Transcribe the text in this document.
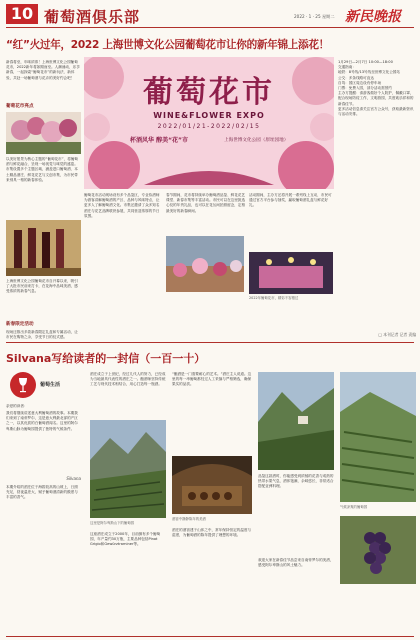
10 葡萄酒俱乐部	2022 · 1 · 25 星期二 新民晚报
“红”火过年，2022 上海世博文化公园葡萄花市让你的新年锦上添花！
新春将至，年味浓浓！上海世博文化公园葡萄花市，2022新年将如期而至。人潮涌动，乐享新春，一起探索“葡萄花市”的新玩法、新体验，共赴一场葡萄酒与花卉的美好约会吧！
葡萄花市亮点
以美好愿景为核心主题的“葡萄花市”，将葡萄酒与鲜花融合，呈现一场视觉与味觉的盛宴。市集设置多个主题区域，涵盖进口葡萄酒、本土精品酒庄、鲜花花艺与文创市集，为市民带来别具一格的新春体验。
上海世博文化公园葡萄花市自开幕以来，吸引了大批市民前来打卡，在花海中品味美酒，感受浓浓的新春气息。
新春限定活动
现场还推出多款新春限定礼盒和专属活动，让市民在购物之余，享受节日的仪式感。
葡萄花市
WINE&FLOWER EXPO
2022/01/21-2022/02/15
杯酒风华 醇美“花”市	上海世博文化公园（原址园地）
葡萄花市活动现场设有多个品鉴区，专业侍酒师为游客讲解葡萄酒的产区、品种与风味特点，让更多人了解葡萄酒文化。市集还邀请了众多知名酒庄与花艺品牌联袂参展，共同营造浓厚的节日氛围。
春节期间，花市将持续举办葡萄酒品鉴、鲜花花艺课堂、新春市集等丰富活动。市民可以在这里挑选心仪的年货礼品，也可以在花丛间拍照留念，定格最美好的新春瞬间。
活动期间，主办方还将开展一系列线上互动，市民可通过官方平台参与抽奖，赢取葡萄酒礼盒与鲜花好礼。
2022年葡萄花市，精彩不容错过
1月29日—2月7日 10:00—18:00
交通指南：
地铁：8号线/13号线至世博文化公园站
公交：多条线路可直达
自驾：园区周边设有停车场
门票：免费入园，部分活动需预约
主办方提醒：请游客做好个人防护，佩戴口罩，配合现场防疫工作，文明游园，共度欢乐祥和的新春佳节。
更多活动信息请关注官方公众号，获取最新资讯与活动安排。
□ 本刊记者 记者 责编
Silvana写给读者的一封信（一百一十）
葡萄生活
亲爱的读者：
我们将继续讲述意大利葡萄酒的故事。本期我们来到了南蒂罗尔，这是意大利最北部的产区之一，以其优质的白葡萄酒闻名。这里的阿尔卑斯山脉为葡萄园提供了独特的气候条件。
Silvana
本期介绍的酒庄位于海拔较高的山坡上，日照充足，昼夜温差大，赋予葡萄酒清新的酸度与丰富的香气。
酒庄成立于上世纪，经过几代人的努力，已经成为当地最具代表性的酒庄之一。酿酒师坚持传统工艺与现代技术相结合，用心打造每一瓶酒。
这里是阿尔卑斯山下的葡萄园
这座酒庄成立于2000年，目前拥有多个葡萄园，年产量约30万瓶，主要品种包括Pinot Grigio和Gewürztraminer等。
“酿酒是一门需要耐心的艺术。”酒庄主人说道。这里的每一串葡萄都经过人工采摘与严格筛选，确保果实的品质。
酒窖中静静陈年的美酒
酒庄的酒窖建于山体之中，常年保持恒定的温度与湿度，为葡萄酒的陈年提供了理想的环境。
品鉴这款酒时，你能感受到浓郁的花香与成熟的热带水果气息，酒体饱满，余味悠长，非常适合搭配亚洲料理。
欢迎大家在新春佳节品尝来自南蒂罗尔的美酒，感受阿尔卑斯山的风土魅力。
气候凉爽的葡萄园
